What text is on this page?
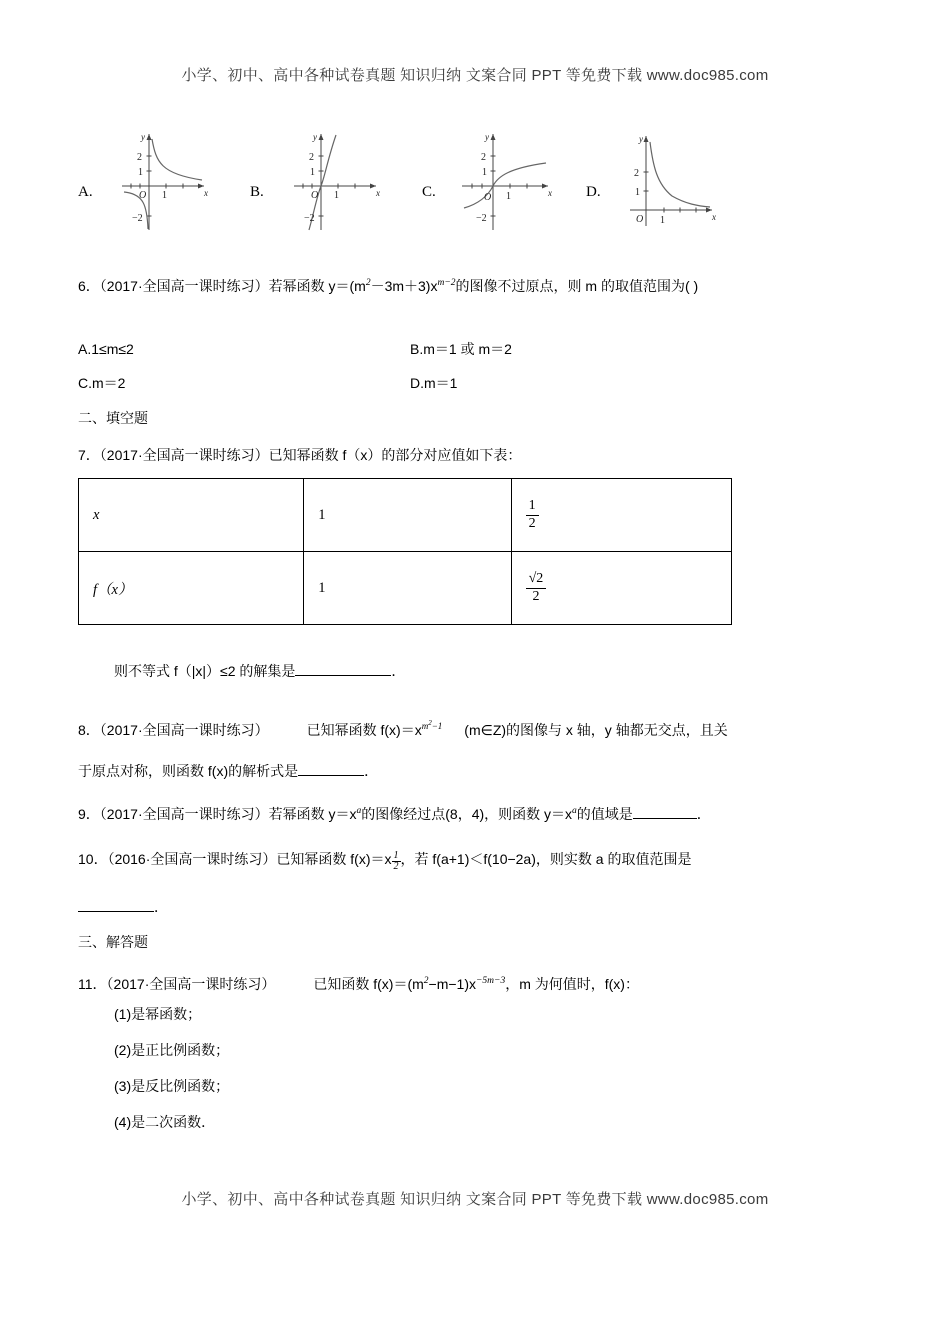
小学、初中、高中各种试卷真题 知识归纳 文案合同 PPT 等免费下载 www.doc985.com
A.
y
x
O
2
1
−2
1	B.
y
x
O
2
1
−2
1	C.
y
x
O
2
1
−2
1	D.
y
x
O
2
1
1
6．（2017·全国高一课时练习）若幂函数 $y=(m^2-3m+3)x^{m-2}$的图像不过原点，则 m 的取值范围为( )
A.1≤m≤2	B.m＝1 或 m＝2
C.m＝2	D.m＝1
二、填空题
7．（2017·全国高一课时练习）已知幂函数 f（x）的部分对应值如下表：
x	1	$\frac{1}{2}$

f（x）	1	$\frac{√2}{2}$
则不等式 f（|x|）≤2 的解集是	．
8．（2017·全国高一课时练习）	已知幂函数 $f(x)=x^{m^2-1}$ (m∈Z)的图像与 x 轴，y 轴都无交点，且关
于原点对称，则函数 f(x)的解析式是	．
9．（2017·全国高一课时练习）若幂函数 $y=x^a$的图像经过点(8，4)，则函数 $y=x^a$的值域是	．
10．（2016·全国高一课时练习）已知幂函数 $f(x)=x \frac{1}{2}$ ，若 f(a+1)＜f(10−2a)，则实数 a 的取值范围是
．
三、解答题
11．（2017·全国高一课时练习）	已知函数 $f(x)=(m^2-m-1)x^{-5m-3}$，m 为何值时，f(x)：
(1)是幂函数；
(2)是正比例函数；
(3)是反比例函数；
(4)是二次函数．
小学、初中、高中各种试卷真题 知识归纳 文案合同 PPT 等免费下载 www.doc985.com
